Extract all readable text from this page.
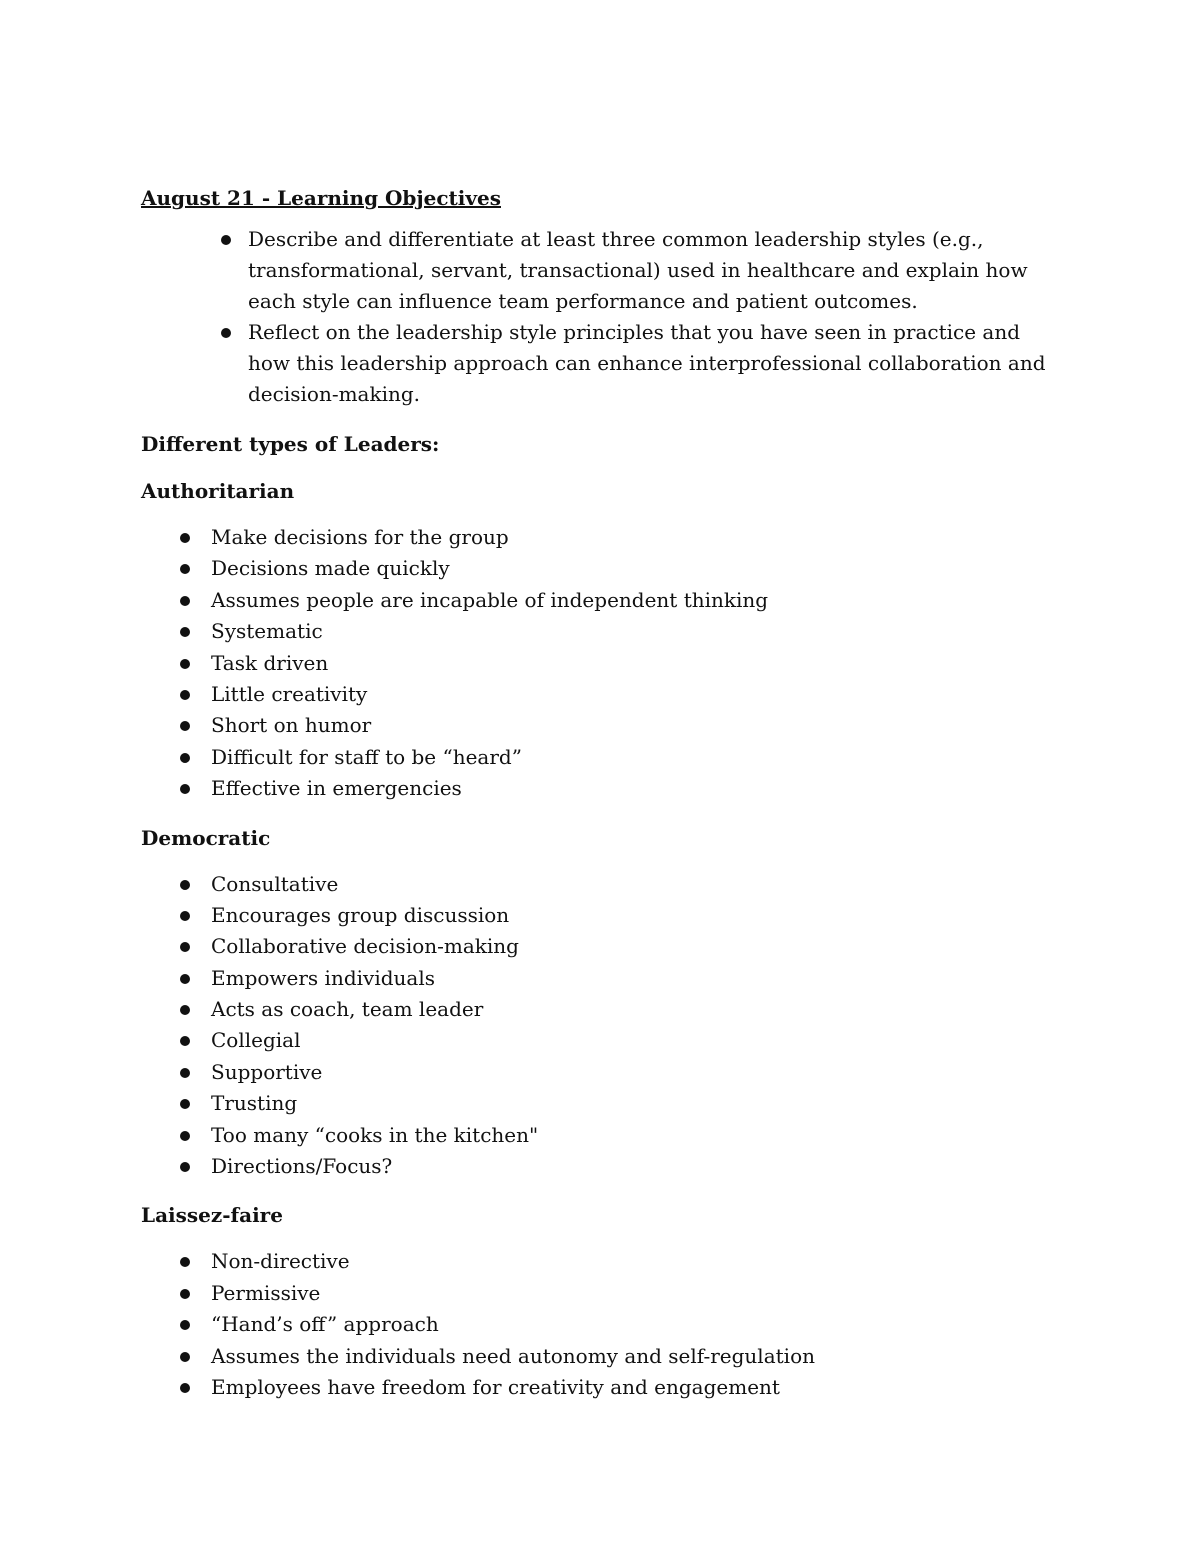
August 21 - Learning Objectives
Describe and differentiate at least three common leadership styles (e.g., transformational, servant, transactional) used in healthcare and explain how each style can influence team performance and patient outcomes.
Reflect on the leadership style principles that you have seen in practice and how this leadership approach can enhance interprofessional collaboration and decision-making.
Different types of Leaders:
Authoritarian
Make decisions for the group
Decisions made quickly
Assumes people are incapable of independent thinking
Systematic
Task driven
Little creativity
Short on humor
Difficult for staff to be “heard”
Effective in emergencies
Democratic
Consultative
Encourages group discussion
Collaborative decision-making
Empowers individuals
Acts as coach, team leader
Collegial
Supportive
Trusting
Too many “cooks in the kitchen"
Directions/Focus?
Laissez-faire
Non-directive
Permissive
“Hand’s off” approach
Assumes the individuals need autonomy and self-regulation
Employees have freedom for creativity and engagement
